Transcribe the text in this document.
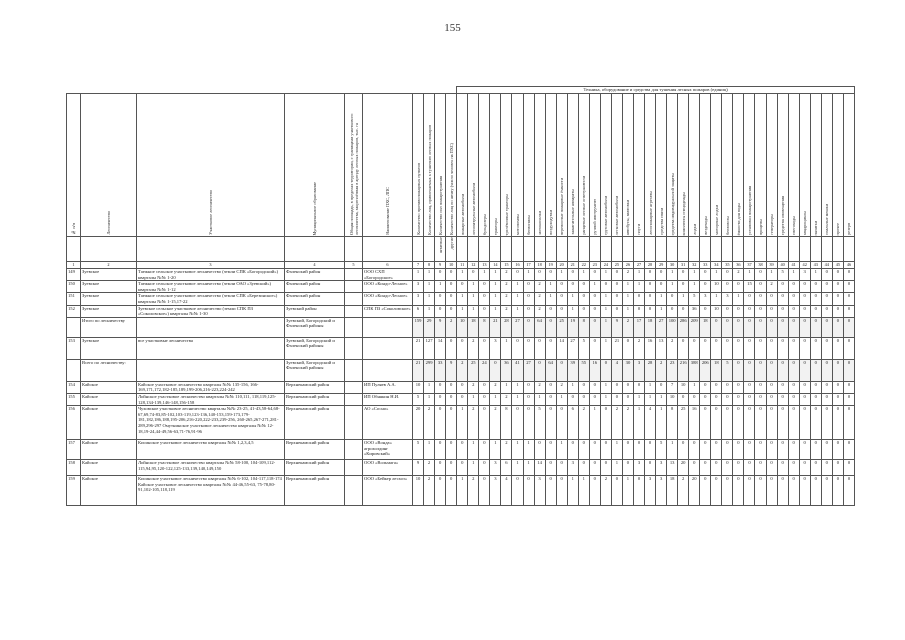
155
										Техника, оборудование и средства для тушения лесных пожаров (единиц)																																				

№ п/п	Лесничество	Участковое лесничество	Муниципальное образование	Общая площадь, в пределах территории, с границами участкового лесничества, закреплённая в аренду лесных пожаров, тыс. га	Наименование ПХС, ЛПС	Количество противопожарных пунктов	Количество лиц, привлекаемых к тушению лесных пожаров	Количество сил пожаротушения	Количество лиц по штату (число человек на ПХС)	пожарные автомобили	лесопатрульные автомобили	бульдозеры	тракторы	трелёвочные тракторы	мотопомпы	бензопилы	мотокосилки	воздуходувки	переносные пожарные ёмкости	зажигательные аппараты	ранцевые лесные огнетушители	ручной инструмент	грузовые автомобили	легковые автомобили	автобусы, вахтовки	плуги	лесопожарные агрегаты	средства связи	средства индивидуальной защиты	комплекты спецодежды	лодки	вездеходы	моторные лодки	бензовозы	ёмкости для воды	установки пожаротушения	прицепы	генераторы	средства оповещения	снегоходы	квадроциклы	палатки	спальные мешки	прочее	резерв	

								штатные	другие																																					
1	2	3	4	5	6	7	8	9	10	11	12	13	14	15	16	17	18	19	20	21	22	23	24	25	26	27	28	29	30	31	32	33	34	35	36	37	38	39	40	41	42	43	44	45	46	
149	Зуевское	Таежное сельское участковое лесничество (земли СПК «Богородский») кварталы №№ 1-20	Фаленский район		ООО СХП «Богородское»	1	1	0	0	1	0	1	1	2	0	1	0	0	1	0	1	0	1	0	2	1	0	0	1	0	1	0	1	0	2	1	0	1	5	1	3	1	0	0	0						
150	Зуевское	Таежное сельское участковое лесничество (земли ОАО «Зуевский») кварталы №№ 1-12	Фаленский район		ООО «Кондо-Лесное»	3	1	1	0	0	1	0	1	2	1	0	2	1	0	0	0	1	0	0	1	1	0	0	1	0	1	0	10	0	0	15	0	2	0	0	0	0	0	0	0						
151	Зуевское	Таежное сельское участковое лесничество (земли СПК «Березинское») кварталы №№ 1-15,17-22	Фаленский район		ООО «Кондо-Лесное»	3	1	0	0	1	1	0	1	2	1	0	2	1	0	1	0	0	1	0	1	0	0	1	0	1	5	3	1	3	1	0	0	0	0	0	0	0	0	0	0						
152	Зуевское	Зуевское сельское участковое лесничество (земли СПК ПЗ «Соколовское») кварталы №№ 1-30	Зуевский район		СПК ПЗ «Соколовское»	6	1	0	0	1	1	0	1	2	1	0	2	0	0	1	0	0	1	0	1	0	0	1	0	0	36	0	10	0	0	0	0	0	0	0	0	0	0	0	0						
	Итого по лесничеству		Зуевский, Богородский и Фаленский районы			159	29	9	2	10	18	8	21	28	27	0	64	0	25	19	8	0	1	9	2	17	18	27	100	286	209	18	0	0	0	0	0	0	0	0	0	0	0	0	0						
153	Зуевское	все участковые лесничества	Зуевский, Богородский и Фаленский районы			21	127	14	0	0	2	0	3	1	0	0	0	0	14	27	5	0	1	21	0	2	16	13	2	0	0	0	0	0	0	0	0	0	0	0	0	0	0	0	0						
	Всего по лесничеству:		Зуевский, Богородский и Фаленский районы			21	299	33	9	2	25	24	0	36	41	27	0	64	0	39	55	16	0	4	30	3	28	2	23	216	388	206	18	5	0	0	0	0	0	0	0	0	0	0	0						
154	Кайское	Кайское участковое лесничество кварталы №№ 135-156, 166-169,171,172,182-185,189,199-206,216-223,224-242	Верхнекамский район		ИП Пуляев А.А.	10	1	0	0	0	2	0	2	1	1	0	2	0	2	1	0	0	1	0	0	0	1	0	7	10	1	0	0	0	0	0	0	0	0	0	0	0	0	0	0						
155	Кайское	Лойнское участковое лесничество кварталы №№ 110,111, 118,119,125-128,134-139,146-148,156-158	Верхнекамский район		ИП Обнякин Н.И.	5	1	0	0	0	1	0	1	2	1	0	1	0	1	0	0	0	1	0	0	1	1	1	10	0	0	0	0	0	0	0	0	0	0	0	0	0	0	0	0						
156	Кайское	Чуховское участковое лесничество кварталы №№ 23-25, 41-43,58-64,68-67,69,74-83,85-102,103-119,123-136,140-153,159-173,179-181,182,186,188,195-206,216-220,222-233,239-256, 260-265,267-271,281-289,296-297 Омутнинское участковое лесничество кварталы №№ 12-18,19-24,44-49,56-63,71-76,91-96	Верхнекамский район		АО «Сосно»	20	2	0	0	1	2	0	2	8	0	0	5	0	0	6	2	1	0	2	2	1	4	1	8	25	16	0	0	0	0	0	0	0	0	0	0	0	0	0	0						
157	Кайское	Кисинское участковое лесничество кварталы №№ 1,2,3,4,5	Верхнекамский район		ООО «Вонда» агрохолдинг «Кировский»	5	1	0	0	0	1	0	1	2	1	1	0	0	1	0	0	0	0	1	0	0	0	5	1	0	0	0	0	0	0	0	0	0	0	0	0	0	0	0	0						
158	Кайское	Лойнское участковое лесничество кварталы №№ 58-100, 104-109,112-115,94,95,120-122,125-133,139,140,149,150	Верхнекамский район		ООО «Вольмага»	9	2	0	0	0	1	0	3	6	1	1	14	0	0	3	0	0	0	1	0	3	0	3	13	20	0	0	0	0	0	0	0	0	0	0	0	0	0	0	0						
159	Кайское	Кисинское участковое лесничество кварталы №№ 6-102, 104-117,118-174 Кайское участковое лесничество кварталы №№ 44-46,55-63, 75-78,80-91,102-105,118,119	Верхнекамский район		ООО «Бейкер лесхоз»	10	2	0	0	1	2	0	3	4	0	0	3	0	0	1	1	0	2	0	1	0	3	3	18	2	20	0	0	0	0	0	0	0	0	0	0	0	0	0	0						
